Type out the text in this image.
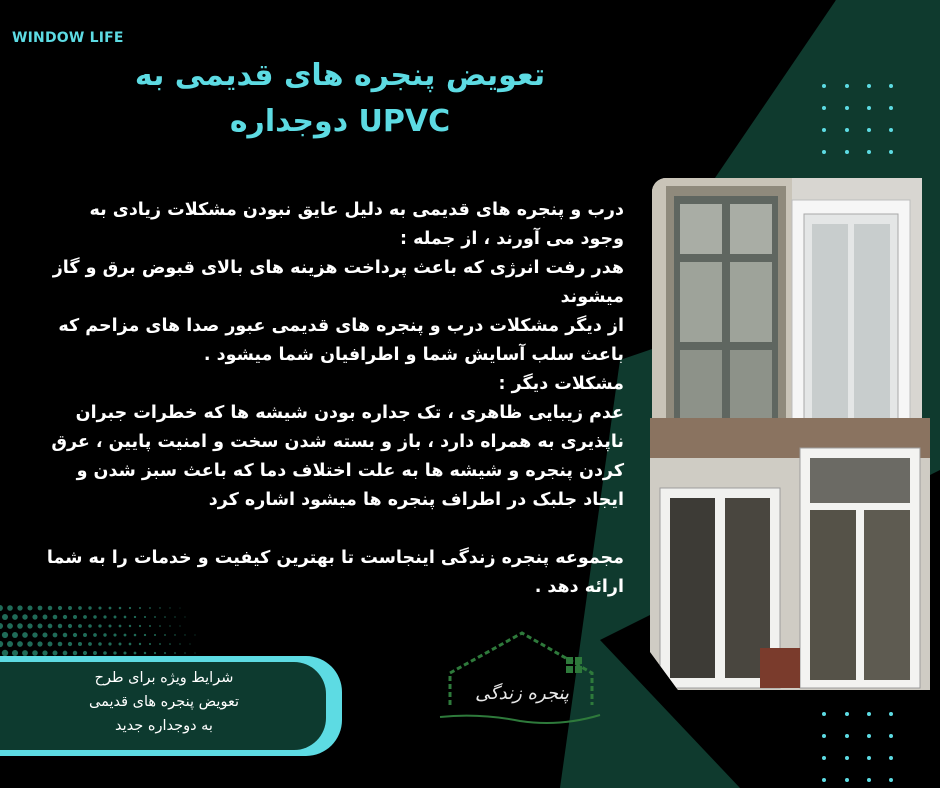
WINDOW LIFE
تعویض پنجره های قدیمی به
دوجداره UPVC

درب و پنجره های قدیمی به دلیل عایق نبودن مشکلات زیادی به وجود می آورند ، از جمله :

هدر رفت انرژی که باعث پرداخت هزینه های بالای قبوض برق و گاز میشوند

از دیگر مشکلات درب و پنجره های قدیمی عبور صدا های مزاحم که باعث سلب آسایش شما و اطرافیان شما میشود .

مشکلات دیگر :

عدم زیبایی ظاهری ، تک جداره بودن شیشه ها که خطرات جبران ناپذیری به همراه دارد ، باز و بسته شدن سخت و امنیت پایین ، عرق کردن پنجره و شیشه ها به علت اختلاف دما که باعث سبز شدن و ایجاد جلبک در اطراف پنجره ها میشود اشاره کرد

مجموعه پنجره زندگی اینجاست تا بهترین کیفیت و خدمات را به شما ارائه دهد .

شرایط ویژه برای طرح

تعویض پنجره های قدیمی

به دوجداره جدید

پنجره زندگی
